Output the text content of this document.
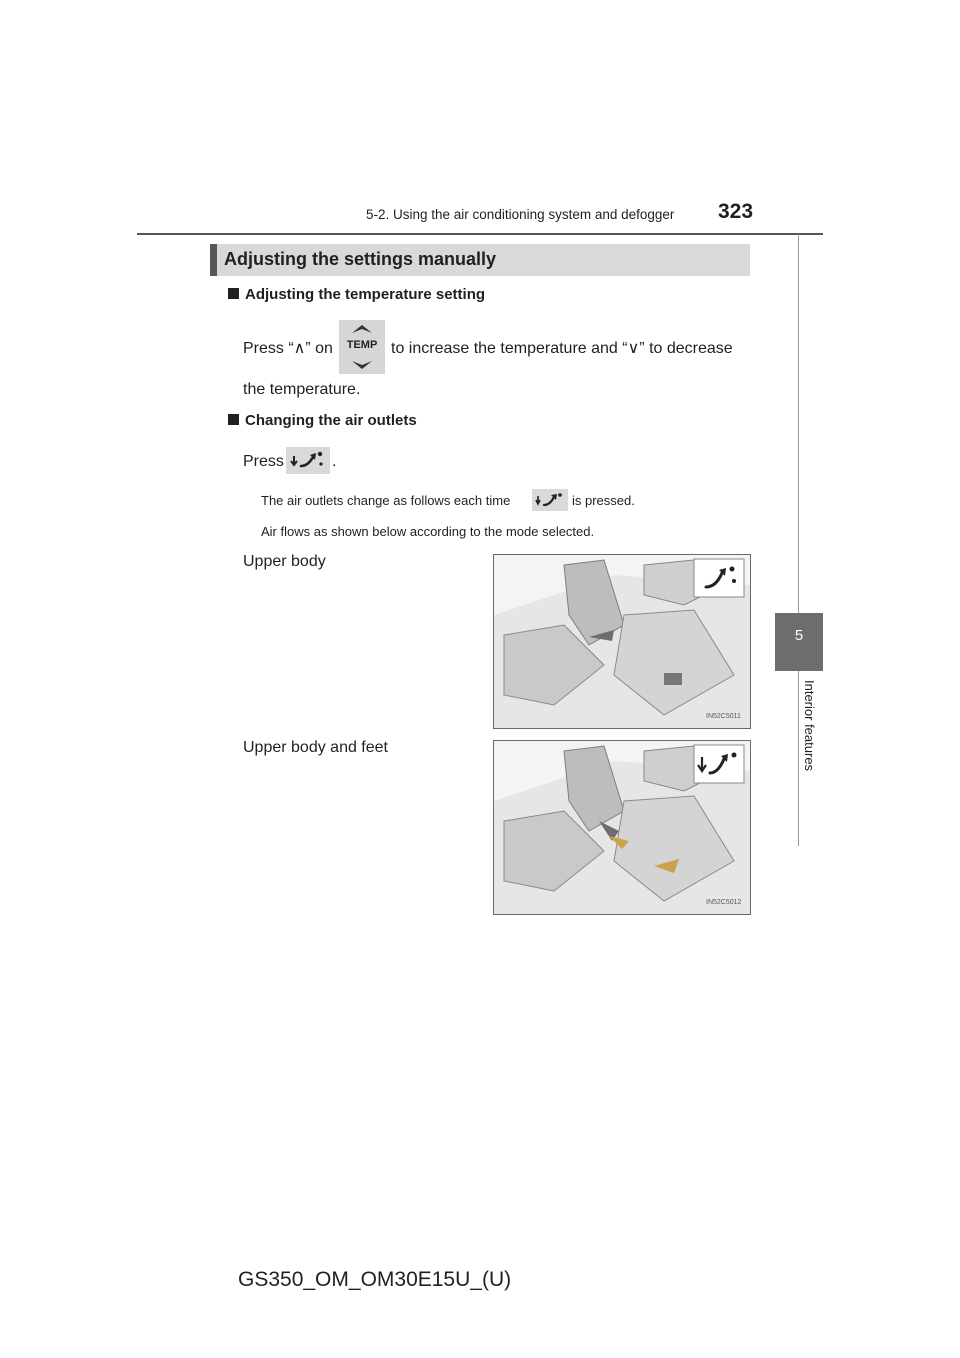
5-2. Using the air conditioning system and defogger 323
5
Interior features
Adjusting the settings manually
Adjusting the temperature setting
Press “∧” on	TEMP to increase the temperature and “∨” to decrease
the temperature.
Changing the air outlets
Press	.
The air outlets change as follows each time	is pressed.
Air flows as shown below according to the mode selected.
Upper body
IN52C5011
Upper body and feet
IN52C5012
GS350_OM_OM30E15U_(U)
